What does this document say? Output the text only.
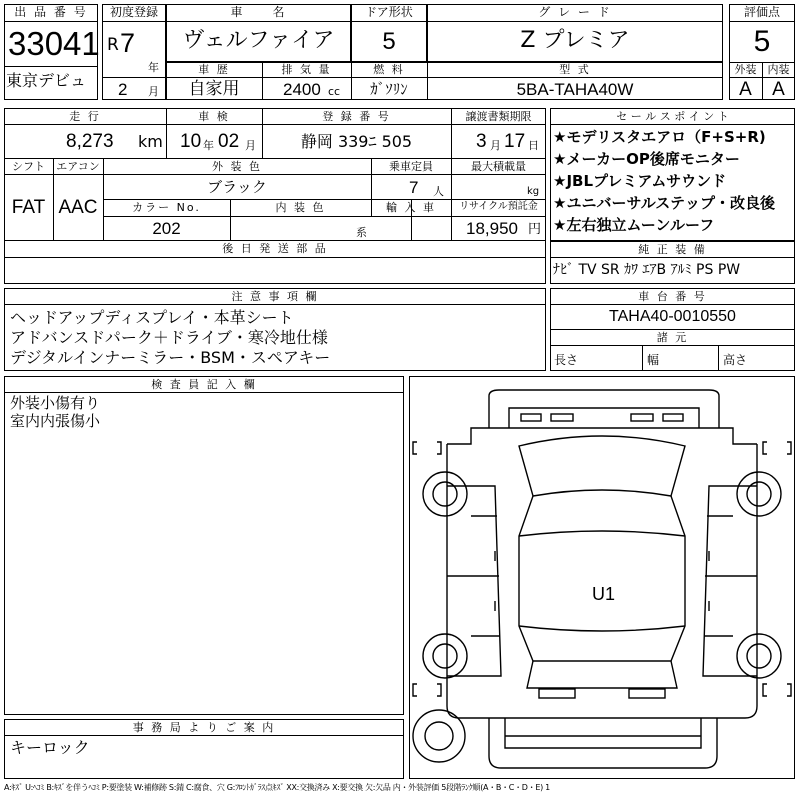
出 品 番 号
33041
東京デビュ
初度登録
R 7
年
2 月
車　　名
ヴェルファイア
ドア形状
5
グ レ ー ド
Z プレミア
車 歴
自家用
排 気 量
2400 cc
燃 料
ｶﾞｿﾘﾝ
型 式
5BA-TAHA40W
評価点
5
外装	内装
A	A
走 行
8,273 km
車 検
10 年 02 月
登 録 番 号
静岡 339ﾆ 505
譲渡書類期限
3 月 17 日
シフト
FAT
エアコン
AAC
外 装 色
ブラック
乗車定員
7 人
最大積載量
kg
カラー No.
202
内 装 色
系
輸 入 車	リサイクル預託金
18,950 円
後 日 発 送 部 品
セ ー ル ス ポ イ ン ト
★モデリスタエアロ（F+S+R)
★メーカーOP後席モニター
★JBLプレミアムサウンド
★ユニバーサルステップ・改良後
★左右独立ムーンルーフ
純 正 装 備
ﾅﾋﾞ TV SR ｶﾜ ｴｱB ｱﾙﾐ PS PW
注 意 事 項 欄
ヘッドアップディスプレイ・本革シート
アドバンスドパーク＋ドライブ・寒冷地仕様
デジタルインナーミラー・BSM・スペアキー
車 台 番 号
TAHA40-0010550
諸 元
長さ	幅	高さ
検 査 員 記 入 欄
外装小傷有り
室内内張傷小
事 務 局 よ り ご 案 内
キーロック
U1
A:ｷｽﾞ U:ﾍｺﾐ B:ｷｽﾞを伴うﾍｺﾐ P:要塗装 W:補修跡 S:錆 C:腐食、穴 G:ﾌﾛﾝﾄｶﾞﾗｽ点ｷｽﾞ XX:交換済み X:要交換 欠:欠品 内・外装評価 5段階ﾗﾝｸ順(A・B・C・D・E) 1
